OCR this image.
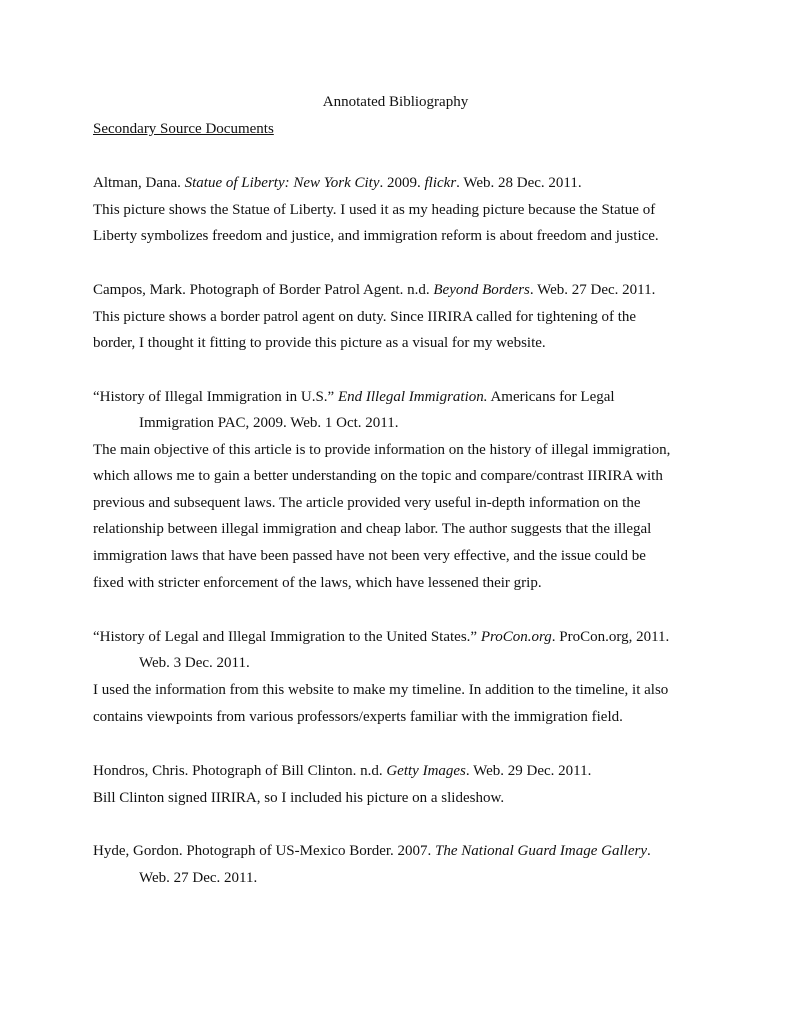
Annotated Bibliography
Secondary Source Documents
Altman, Dana. Statue of Liberty: New York City. 2009. flickr. Web. 28 Dec. 2011.
This picture shows the Statue of Liberty. I used it as my heading picture because the Statue of
Liberty symbolizes freedom and justice, and immigration reform is about freedom and justice.
Campos, Mark. Photograph of Border Patrol Agent. n.d. Beyond Borders. Web. 27 Dec. 2011.
This picture shows a border patrol agent on duty. Since IIRIRA called for tightening of the
border, I thought it fitting to provide this picture as a visual for my website.
“History of Illegal Immigration in U.S.” End Illegal Immigration. Americans for Legal
Immigration PAC, 2009. Web. 1 Oct. 2011.
The main objective of this article is to provide information on the history of illegal immigration,
which allows me to gain a better understanding on the topic and compare/contrast IIRIRA with
previous and subsequent laws. The article provided very useful in-depth information on the
relationship between illegal immigration and cheap labor. The author suggests that the illegal
immigration laws that have been passed have not been very effective, and the issue could be
fixed with stricter enforcement of the laws, which have lessened their grip.
“History of Legal and Illegal Immigration to the United States.” ProCon.org. ProCon.org, 2011.
Web. 3 Dec. 2011.
I used the information from this website to make my timeline. In addition to the timeline, it also
contains viewpoints from various professors/experts familiar with the immigration field.
Hondros, Chris. Photograph of Bill Clinton. n.d. Getty Images. Web. 29 Dec. 2011.
Bill Clinton signed IIRIRA, so I included his picture on a slideshow.
Hyde, Gordon. Photograph of US-Mexico Border. 2007. The National Guard Image Gallery.
Web. 27 Dec. 2011.
